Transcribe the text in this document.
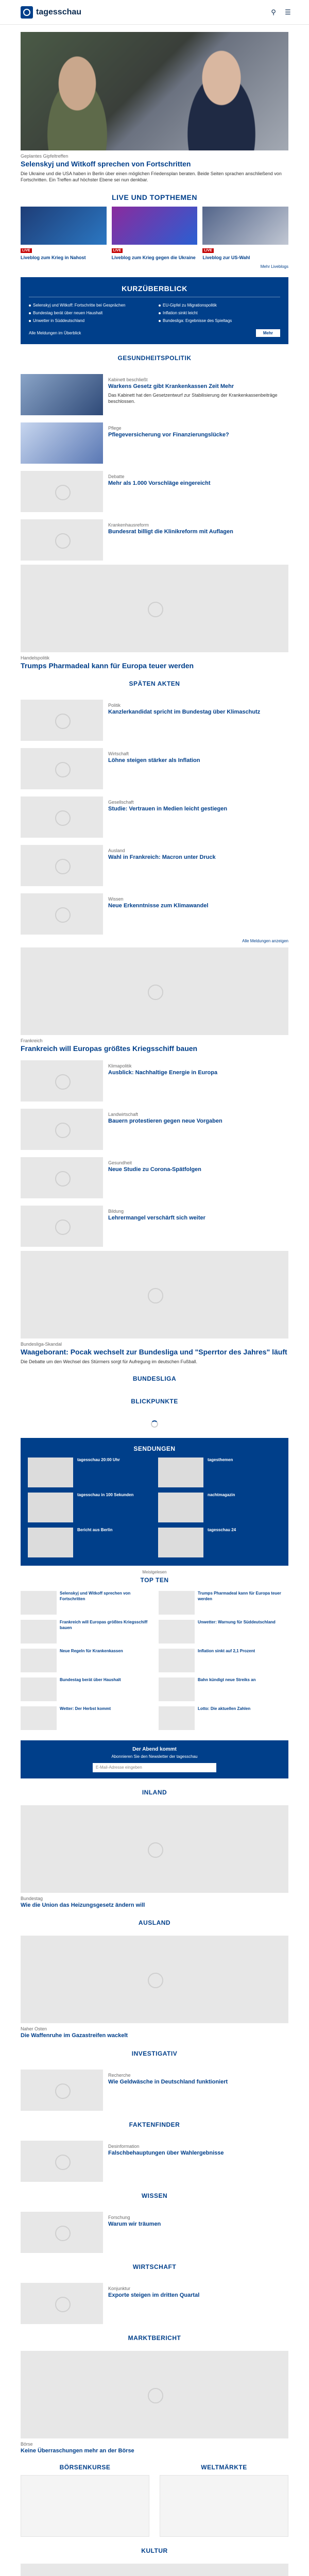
tagesschau	⚲	☰
Geplantes Gipfeltreffen
Selenskyj und Witkoff sprechen von Fortschritten
Die Ukraine und die USA haben in Berlin über einen möglichen Friedensplan beraten. Beide Seiten sprachen anschließend von Fortschritten. Ein Treffen auf höchster Ebene sei nun denkbar.
LIVE UND TOPTHEMEN
LIVE
Liveblog zum Krieg in Nahost
LIVE
Liveblog zum Krieg gegen die Ukraine
LIVE
Liveblog zur US-Wahl
Mehr Liveblogs
KURZÜBERBLICK
Selenskyj und Witkoff: Fortschritte bei Gesprächen
Bundestag berät über neuen Haushalt
Unwetter in Süddeutschland
EU-Gipfel zu Migrationspolitik
Inflation sinkt leicht
Bundesliga: Ergebnisse des Spieltags
Alle Meldungen im Überblick	Mehr
GESUNDHEITSPOLITIK
Kabinett beschließt
Warkens Gesetz gibt Krankenkassen Zeit Mehr
Das Kabinett hat den Gesetzentwurf zur Stabilisierung der Krankenkassenbeiträge beschlossen.
Pflege
Pflegeversicherung vor Finanzierungslücke?
Debatte
Mehr als 1.000 Vorschläge eingereicht
Krankenhausreform
Bundesrat billigt die Klinikreform mit Auflagen
Handelspolitik
Trumps Pharmadeal kann für Europa teuer werden
SPÄTEN AKTEN
Politik
Kanzlerkandidat spricht im Bundestag über Klimaschutz
Wirtschaft
Löhne steigen stärker als Inflation
Gesellschaft
Studie: Vertrauen in Medien leicht gestiegen
Ausland
Wahl in Frankreich: Macron unter Druck
Wissen
Neue Erkenntnisse zum Klimawandel
Alle Meldungen anzeigen
Frankreich
Frankreich will Europas größtes Kriegsschiff bauen
Klimapolitik
Ausblick: Nachhaltige Energie in Europa
Landwirtschaft
Bauern protestieren gegen neue Vorgaben
Gesundheit
Neue Studie zu Corona-Spätfolgen
Bildung
Lehrermangel verschärft sich weiter
Bundesliga-Skandal
Waageborant: Pocak wechselt zur Bundesliga und "Sperrtor des Jahres" läuft
Die Debatte um den Wechsel des Stürmers sorgt für Aufregung im deutschen Fußball.
BUNDESLIGA
BLICKPUNKTE
SENDUNGEN
tagesschau 20:00 Uhr	tagesthemen
tagesschau in 100 Sekunden	nachtmagazin
Bericht aus Berlin	tagesschau 24
Meistgelesen
TOP TEN
Selenskyj und Witkoff sprechen von Fortschritten
Trumps Pharmadeal kann für Europa teuer werden
Frankreich will Europas größtes Kriegsschiff bauen
Unwetter: Warnung für Süddeutschland
Neue Regeln für Krankenkassen	Inflation sinkt auf 2,1 Prozent
Bundestag berät über Haushalt	Bahn kündigt neue Streiks an
Wetter: Der Herbst kommt	Lotto: Die aktuellen Zahlen
Der Abend kommt
Abonnieren Sie den Newsletter der tagesschau
E-Mail-Adresse eingeben
INLAND
Bundestag
Wie die Union das Heizungsgesetz ändern will
AUSLAND
Naher Osten
Die Waffenruhe im Gazastreifen wackelt
INVESTIGATIV
Recherche
Wie Geldwäsche in Deutschland funktioniert
FAKTENFINDER
Desinformation
Falschbehauptungen über Wahlergebnisse
WISSEN
Forschung
Warum wir träumen
WIRTSCHAFT
Konjunktur
Exporte steigen im dritten Quartal
MARKTBERICHT
Börse
Keine Überraschungen mehr an der Börse
BÖRSENKURSE	WELTMÄRKTE
KULTUR
